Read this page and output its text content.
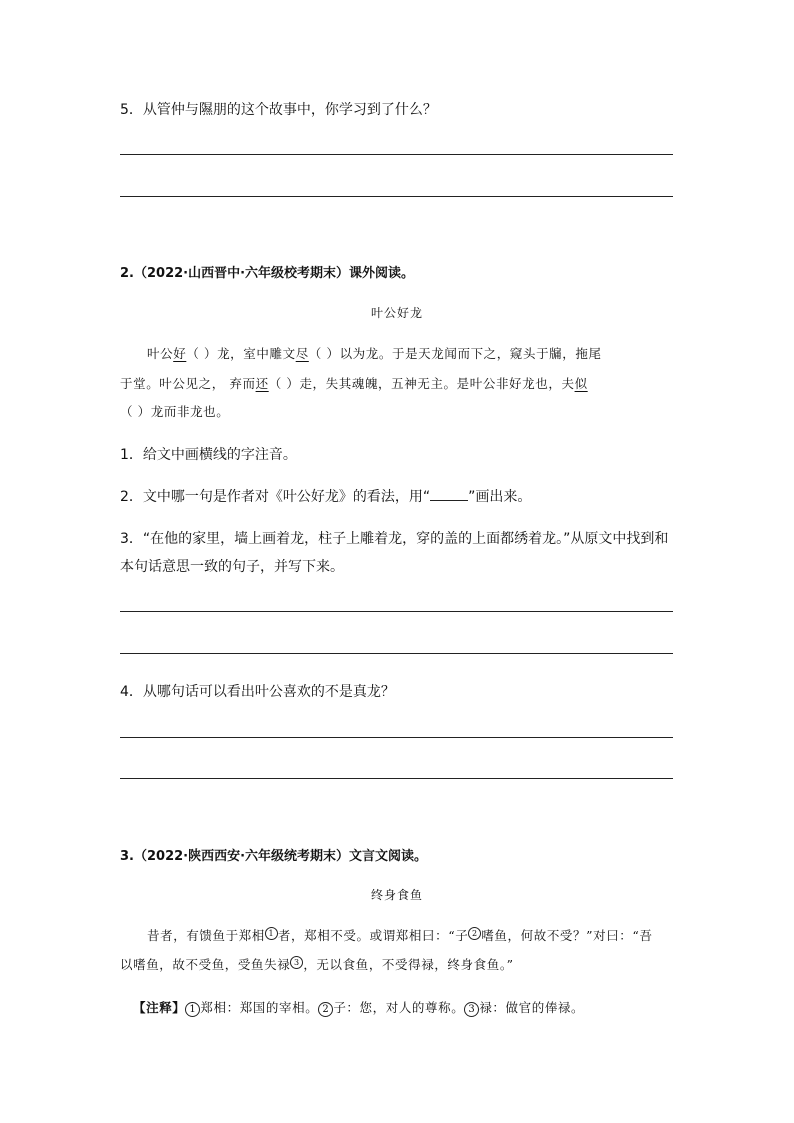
5．从管仲与隰朋的这个故事中，你学习到了什么？
2.（2022·山西晋中·六年级校考期末）课外阅读。
叶公好龙
叶公好（ ）龙，室中雕文尽（ ）以为龙。于是天龙闻而下之，窥头于牖，拖尾
于堂。叶公见之， 弃而还（ ）走，失其魂魄，五神无主。是叶公非好龙也，夫似
（ ）龙而非龙也。
1．给文中画横线的字注音。
2．文中哪一句是作者对《叶公好龙》的看法，用“	”画出来。
3．“在他的家里，墙上画着龙，柱子上雕着龙，穿的盖的上面都绣着龙。”从原文中找到和
本句话意思一致的句子，并写下来。
4．从哪句话可以看出叶公喜欢的不是真龙？
3.（2022·陕西西安·六年级统考期末）文言文阅读。
终身食鱼
昔者，有馈鱼于郑相 1 者，郑相不受。或谓郑相曰：“子 2 嗜鱼，何故不受？”对曰：“吾
以嗜鱼，故不受鱼，受鱼失禄 3 ，无以食鱼，不受得禄，终身食鱼。”
【注释】 1 郑相：郑国的宰相。 2 子：您，对人的尊称。 3 禄：做官的俸禄。
